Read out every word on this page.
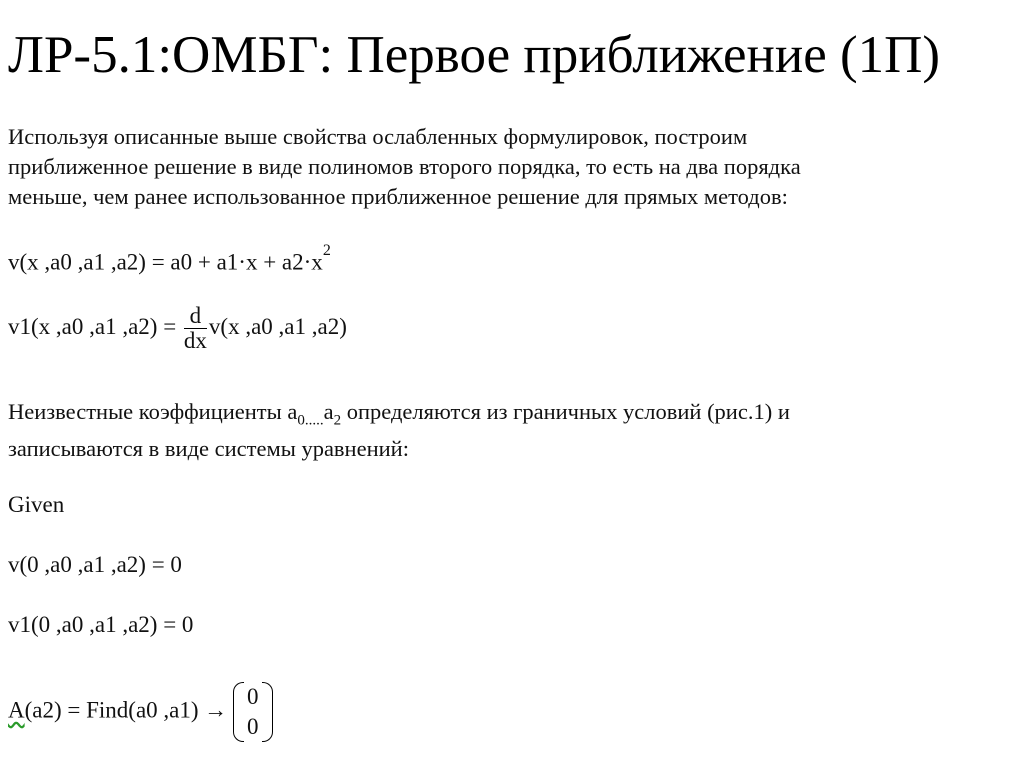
ЛР-5.1:ОМБГ: Первое приближение (1П)
Используя описанные выше свойства ослабленных формулировок, построим
приближенное решение в виде полиномов второго порядка, то есть на два порядка
меньше, чем ранее использованное приближенное решение для прямых методов:
v(x ,a0 ,a1 $,a2) = a0 + a1\cdot x + a2\cdot x^2$
v1(x ,a0 ,a1 $,a2) = \frac{d}{dx} v(x$ ,a0 ,a1 ,a2)
Неизвестные коэффициенты $a_{0.....}a_2$ определяются из граничных условий (рис.1) и
записываются в виде системы уравнений:
Given
v(0 ,a0 ,a1 ,a2) = 0
v1(0 ,a0 ,a1 ,a2) = 0
A(a2) = Find(a0 ,a1) →
0
0
